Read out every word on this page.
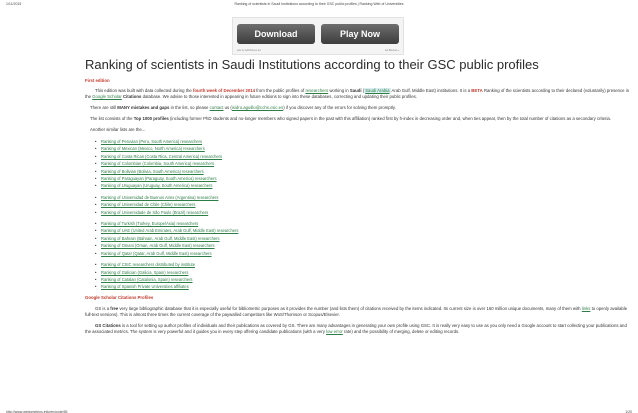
1/11/2015	Ranking of scientists in Saudi Institutions according to their GSC public profiles | Ranking Web of Universities
Download	Play Now
ads by AdChoices ad	Ad Blocker ▸
Ranking of scientists in Saudi Institutions according to their GSC public profiles
First edition

This edition was built with data collected during the fourth week of December 2014 from the public profiles of researchers working in Saudi (Saudi Arabia Arab Gulf, Middle East) institutions. It is a BETA Ranking of the scientists according to their declared (voluntarily) presence in the Google Scholar Citations database. We advise to those interested in appearing in future editions to sign into these databases, correcting and updating their public profiles.

There are still MANY mistakes and gaps in the list, so please contact us (isidro.aguillo@cchs.csic.es) if you discover any of the errors for solving them promptly.

The list consists of the Top 1000 profiles (including former PhD students and no-longer members who signed papers in the past with this affiliation) ranked first by h-index in decreasing order and, when ties appear, then by the total number of citations as a secondary criteria.

Another similar lists are the...

• Ranking of Peruvian (Peru, South America) researchers
• Ranking of Mexican (Mexico, North America) researchers
• Ranking of Costa Rican (Costa Rica, Central America) researchers
• Ranking of Colombian (Colombia, South America) researchers
• Ranking of Bolivian (Bolivia, South America) researchers
• Ranking of Paraguayan (Paraguay, South America) researchers
• Ranking of Uruguayan (Uruguay, South America) researchers
• Ranking of Universidad de Buenos Aires (Argentina) researchers
• Ranking of Universidad de Chile (Chile) researchers
• Ranking of Universidade de São Paulo (Brazil) researchers
• Ranking of Turkish (Turkey, Europe/Asia) researchers
• Ranking of UAE (United Arab Emirates, Arab Gulf, Middle East) researchers
• Ranking of Bahrain (Bahrain, Arab Gulf, Middle East) researchers
• Ranking of Omani (Oman, Arab Gulf, Middle East) researchers
• Ranking of Qatar (Qatar, Arab Gulf, Middle East) researchers
• Ranking of CSIC researchers distributed by institute
• Ranking of Galician (Galicia, Spain) researchers
• Ranking of Catalan (Catalonia, Spain) researchers
• Ranking of Spanish Private Universities affiliates
Google Scholar Citations Profiles

GS is a free very large bibliographic database that it is especially useful for bibliometric purposes as it provides the number (and lists them) of citations received by the items indicated. Its current size is over 160 million unique documents, many of them with links to openly available full-text versions). This is almost three times the current coverage of the paywalled competitors like WoS/Thomson or Scopus/Elsevier.

GS Citations is a tool for setting up author profiles of individuals and their publications as covered by GS. There are many advantages in generating your own profile using GSC. It is really very easy to use as you only need a Google account to start collecting your publications and the associated metrics. The system is very powerful and it guides you in every step offering candidate publications (with a very low error rate) and the possibility of merging, delete or editing records.

http://www.webometrics.info/en/node/81	1/20
